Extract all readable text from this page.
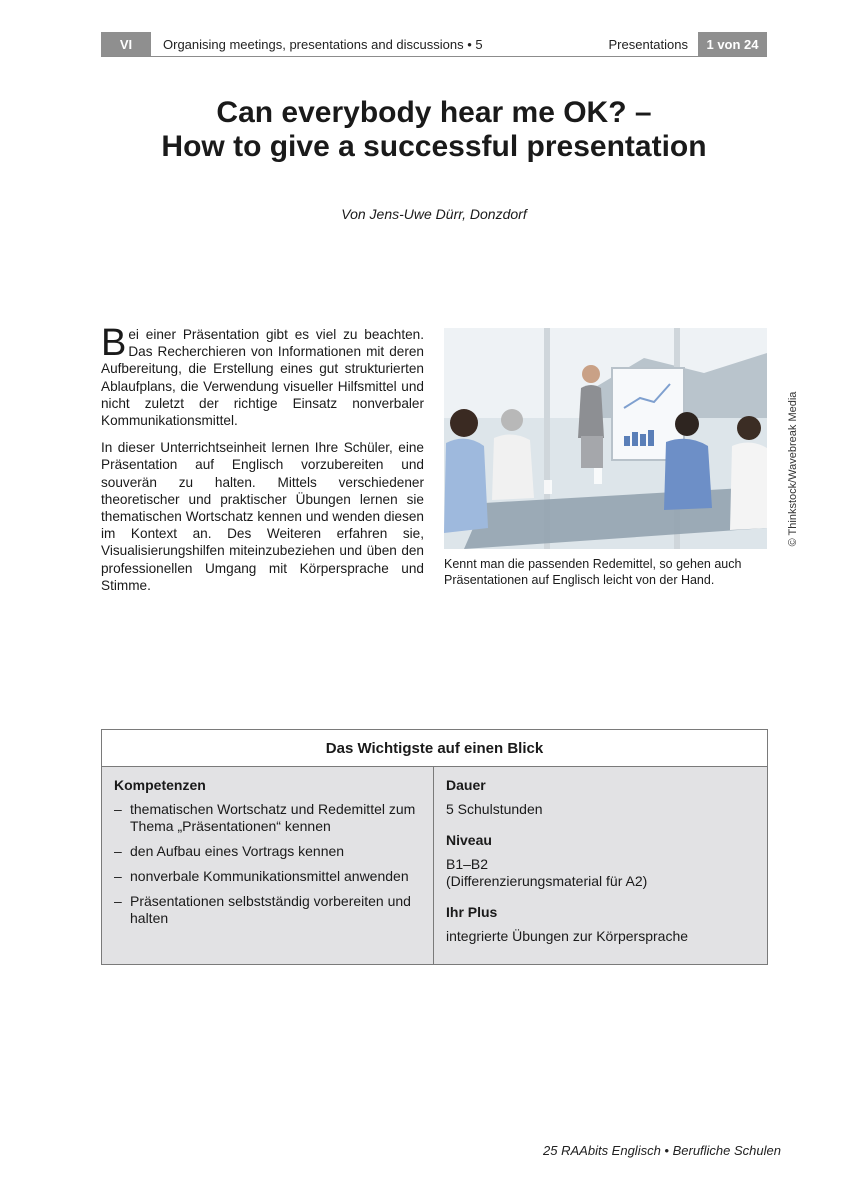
VI	Organising meetings, presentations and discussions • 5	Presentations	1 von 24
Can everybody hear me OK? –
How to give a successful presentation
Von Jens-Uwe Dürr, Donzdorf

Bei einer Präsentation gibt es viel zu beachten. Das Recherchieren von Informationen mit deren Aufbereitung, die Erstellung eines gut strukturierten Ablaufplans, die Verwendung visueller Hilfsmittel und nicht zuletzt der richtige Einsatz nonverbaler Kommunikationsmittel.

In dieser Unterrichtseinheit lernen Ihre Schüler, eine Präsentation auf Englisch vorzubereiten und souverän zu halten. Mittels verschiedener theoretischer und praktischer Übungen lernen sie thematischen Wortschatz kennen und wenden diesen im Kontext an. Des Weiteren erfahren sie, Visualisierungshilfen miteinzubeziehen und üben den professionellen Umgang mit Körpersprache und Stimme.

© Thinkstock/Wavebreak Media
Kennt man die passenden Redemittel, so gehen auch Präsentationen auf Englisch leicht von der Hand.
Das Wichtigste auf einen Blick
Kompetenzen
– thematischen Wortschatz und Redemittel zum Thema „Präsentationen“ kennen
– den Aufbau eines Vortrags kennen
– nonverbale Kommunikationsmittel anwenden
– Präsentationen selbstständig vorbereiten und halten
Dauer
5 Schulstunden
Niveau
B1–B2
(Differenzierungsmaterial für A2)
Ihr Plus
integrierte Übungen zur Körpersprache
25 RAAbits Englisch • Berufliche Schulen
